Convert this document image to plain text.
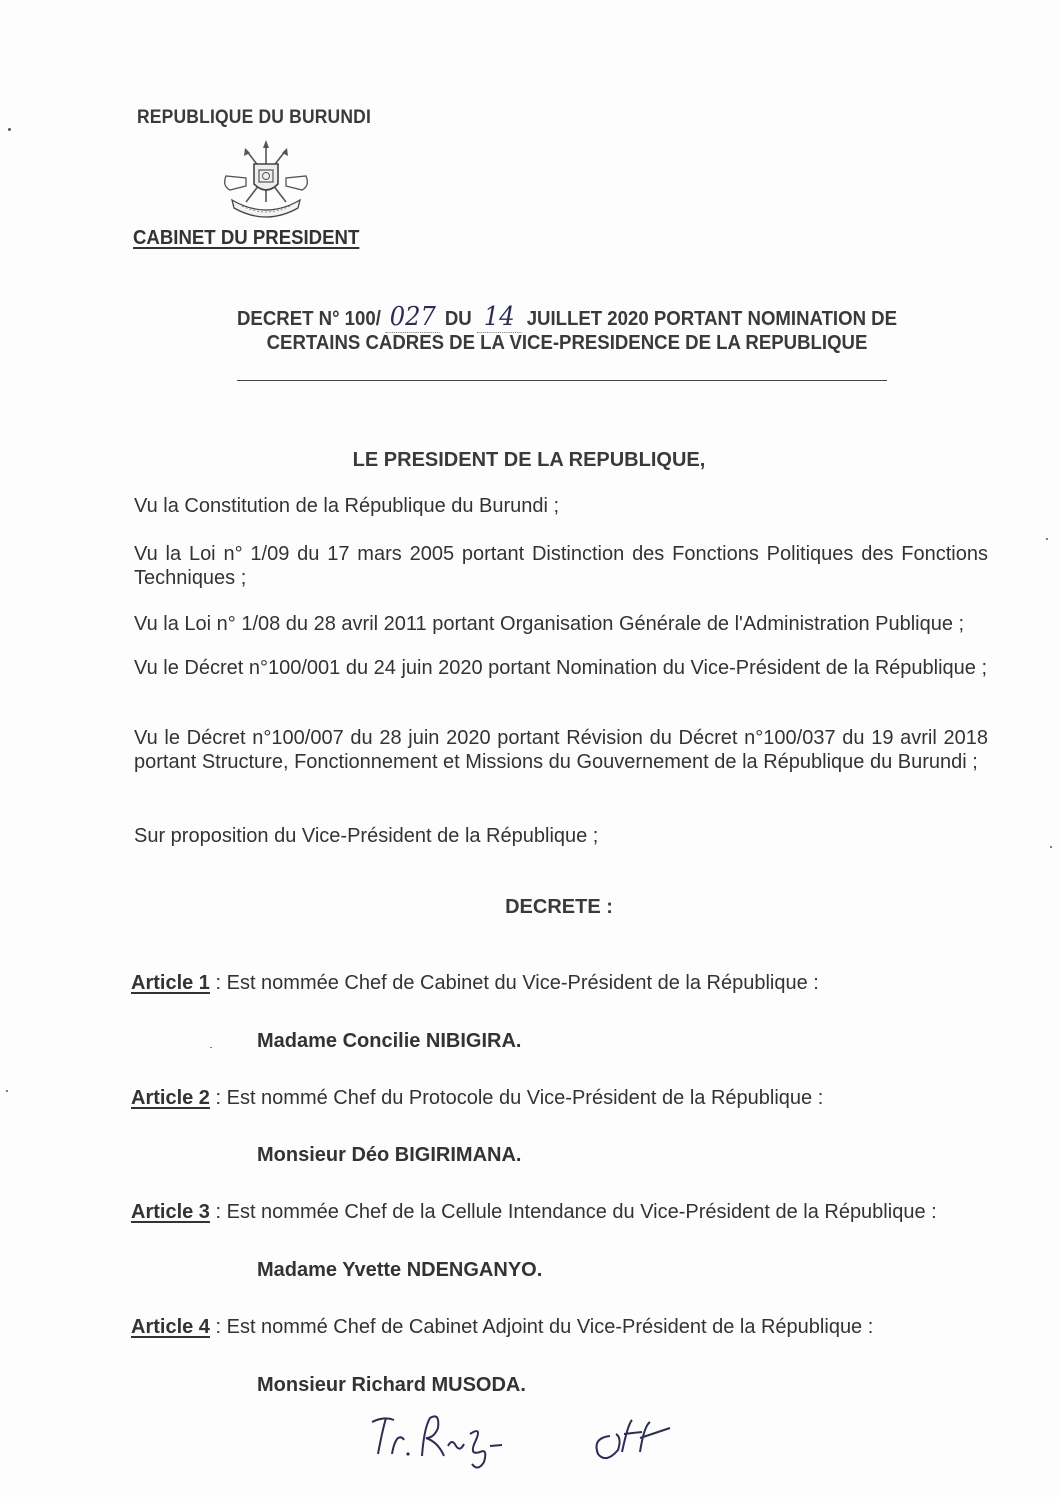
REPUBLIQUE DU BURUNDI
CABINET DU PRESIDENT
DECRET N° 100/ 027 DU 14 JUILLET 2020 PORTANT NOMINATION DE
CERTAINS CADRES DE LA VICE-PRESIDENCE DE LA REPUBLIQUE
LE PRESIDENT DE LA REPUBLIQUE,
Vu la Constitution de la République du Burundi ;
Vu la Loi n° 1/09 du 17 mars 2005 portant Distinction des Fonctions Politiques des Fonctions Techniques ;
Vu la Loi n° 1/08 du 28 avril 2011 portant Organisation Générale de l'Administration Publique ;
Vu le Décret n°100/001 du 24 juin 2020 portant Nomination du Vice-Président de la République ;
Vu le Décret n°100/007 du 28 juin 2020 portant Révision du Décret n°100/037 du 19 avril 2018 portant Structure, Fonctionnement et Missions du Gouvernement de la République du Burundi ;
Sur proposition du Vice-Président de la République ;
DECRETE :
Article 1 : Est nommée Chef de Cabinet du Vice-Président de la République :
Madame Concilie NIBIGIRA.
Article 2 : Est nommé Chef du Protocole du Vice-Président de la République :
Monsieur Déo BIGIRIMANA.
Article 3 : Est nommée Chef de la Cellule Intendance du Vice-Président de la République :
Madame Yvette NDENGANYO.
Article 4 : Est nommé Chef de Cabinet Adjoint du Vice-Président de la République :
Monsieur Richard MUSODA.
